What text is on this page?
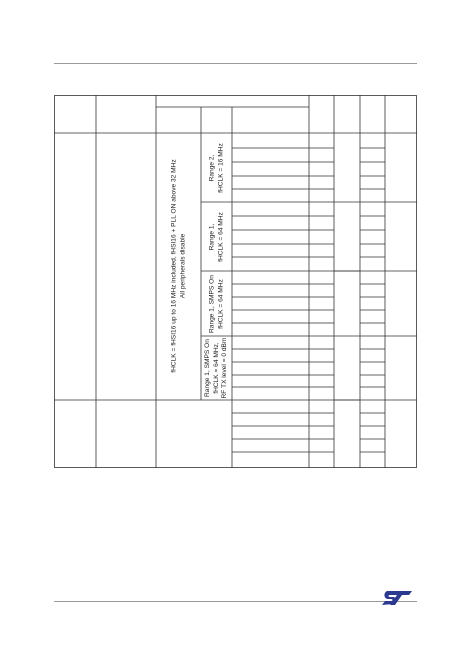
fHCLK = fHSI16 up to 16 MHz included, fHSI16 + PLL ON above 32 MHz All peripherals disable
Range 2, fHCLK = 16 MHz
Range 1, fHCLK = 64 MHz
Range 1, SMPS On fHCLK = 64 MHz
Range 1, SMPS On fHCLK = 64 MHz, RF TX level = 0 dBm
